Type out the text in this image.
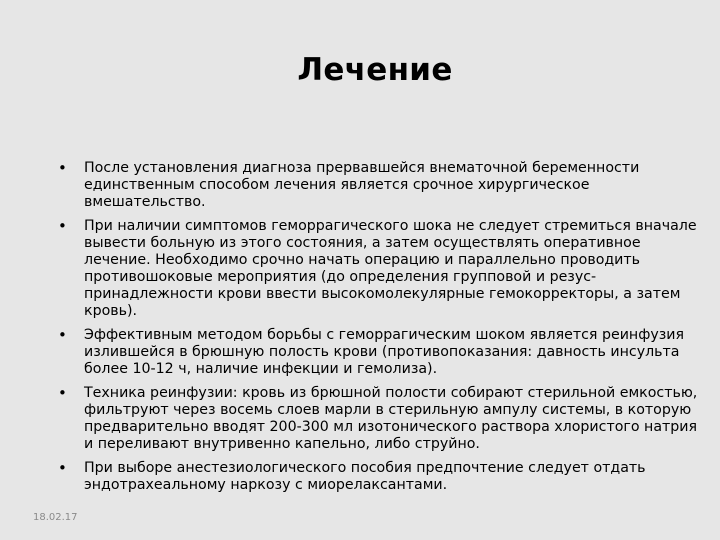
Лечение
• После установления диагноза прервавшейся внематочной беременности единственным способом лечения является срочное хирургическое вмешательство.
• При наличии симптомов геморрагического шока не следует стремиться вначале вывести больную из этого состояния, а затем осуществлять оперативное лечение. Необходимо срочно начать операцию и параллельно проводить противошоковые мероприятия (до определения групповой и резус-принадлежности крови ввести высокомолекулярные гемокорректоры, а затем кровь).
• Эффективным методом борьбы с геморрагическим шоком является реинфузия излившейся в брюшную полость крови (противопоказания: давность инсульта более 10-12 ч, наличие инфекции и гемолиза).
• Техника реинфузии: кровь из брюшной полости собирают стерильной емкостью, фильтруют через восемь слоев марли в стерильную ампулу системы, в которую предварительно вводят 200-300 мл изотонического раствора хлористого натрия и переливают внутривенно капельно, либо струйно.
• При выборе анестезиологического пособия предпочтение следует отдать эндотрахеальному наркозу с миорелаксантами.
18.02.17
